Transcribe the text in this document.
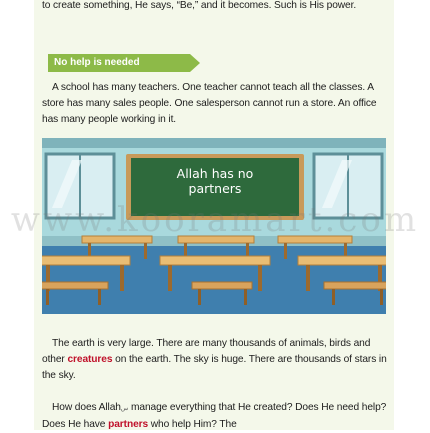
to create something, He says, “Be,” and it becomes. Such is His power.
No help is needed
A school has many teachers. One teacher cannot teach all the classes. A store has many sales people. One salesperson cannot run a store. An office has many people working in it.
Allah has no
partners
www.kooramart.com
The earth is very large. There are many thousands of animals, birds and other creatures on the earth. The sky is huge. There are thousands of stars in the sky.
How does Allahس manage everything that He created? Does He need help? Does He have partners who help Him? The
